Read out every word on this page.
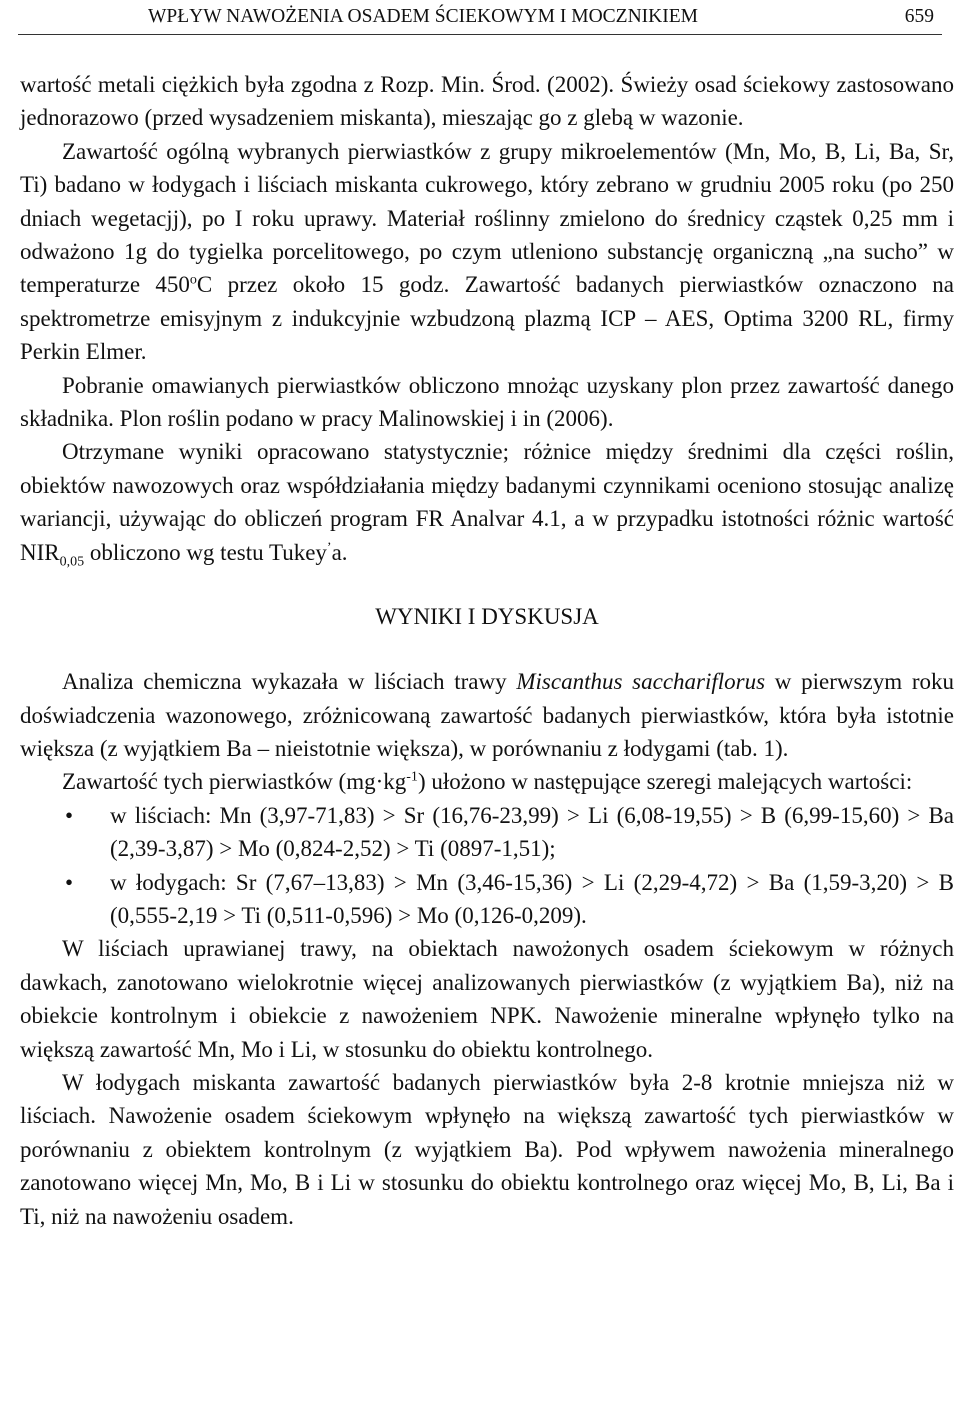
WPŁYW NAWOŻENIA OSADEM ŚCIEKOWYM I MOCZNIKIEM	659

wartość metali ciężkich była zgodna z Rozp. Min. Środ. (2002). Świeży osad ściekowy zastosowano jednorazowo (przed wysadzeniem miskanta), mieszając go z glebą w wazonie.

Zawartość ogólną wybranych pierwiastków z grupy mikroelementów (Mn, Mo, B, Li, Ba, Sr, Ti) badano w łodygach i liściach miskanta cukrowego, który zebrano w grudniu 2005 roku (po 250 dniach wegetacjj), po I roku uprawy. Materiał roślinny zmielono do średnicy cząstek 0,25 mm i odważono 1g do tygielka porcelitowego, po czym utleniono substancję organiczną „na sucho” w temperaturze 450$^o$C przez około 15 godz. Zawartość badanych pierwiastków oznaczono na spektrometrze emisyjnym z indukcyjnie wzbudzoną plazmą ICP – AES, Optima 3200 RL, firmy Perkin Elmer.

Pobranie omawianych pierwiastków obliczono mnożąc uzyskany plon przez zawartość danego składnika. Plon roślin podano w pracy Malinowskiej i in (2006).

Otrzymane wyniki opracowano statystycznie; różnice między średnimi dla części roślin, obiektów nawozowych oraz współdziałania między badanymi czynnikami oceniono stosując analizę wariancji, używając do obliczeń program FR Analvar 4.1, a w przypadku istotności różnic wartość $NIR_{0,05}$ obliczono wg testu Tukey’a.

WYNIKI I DYSKUSJA

Analiza chemiczna wykazała w liściach trawy Miscanthus sacchariflorus w pierwszym roku doświadczenia wazonowego, zróżnicowaną zawartość badanych pierwiastków, która była istotnie większa (z wyjątkiem Ba – nieistotnie większa), w porównaniu z łodygami (tab. 1).

Zawartość tych pierwiastków $(mg\cdot kg^{-1})$ ułożono w następujące szeregi malejących wartości:

• w liściach: Mn (3,97-71,83) > Sr (16,76-23,99) > Li (6,08-19,55) > B (6,99-15,60) > Ba (2,39-3,87) > Mo (0,824-2,52) > Ti (0897-1,51);
• w łodygach: Sr (7,67–13,83) > Mn (3,46-15,36) > Li (2,29-4,72) > Ba (1,59-3,20) > B (0,555-2,19 > Ti (0,511-0,596) > Mo (0,126-0,209).

W liściach uprawianej trawy, na obiektach nawożonych osadem ściekowym w różnych dawkach, zanotowano wielokrotnie więcej analizowanych pierwiastków (z wyjątkiem Ba), niż na obiekcie kontrolnym i obiekcie z nawożeniem NPK. Nawożenie mineralne wpłynęło tylko na większą zawartość Mn, Mo i Li, w stosunku do obiektu kontrolnego.

W łodygach miskanta zawartość badanych pierwiastków była 2-8 krotnie mniejsza niż w liściach. Nawożenie osadem ściekowym wpłynęło na większą zawartość tych pierwiastków w porównaniu z obiektem kontrolnym (z wyjątkiem Ba). Pod wpływem nawożenia mineralnego zanotowano więcej Mn, Mo, B i Li w stosunku do obiektu kontrolnego oraz więcej Mo, B, Li, Ba i Ti, niż na nawożeniu osadem.
